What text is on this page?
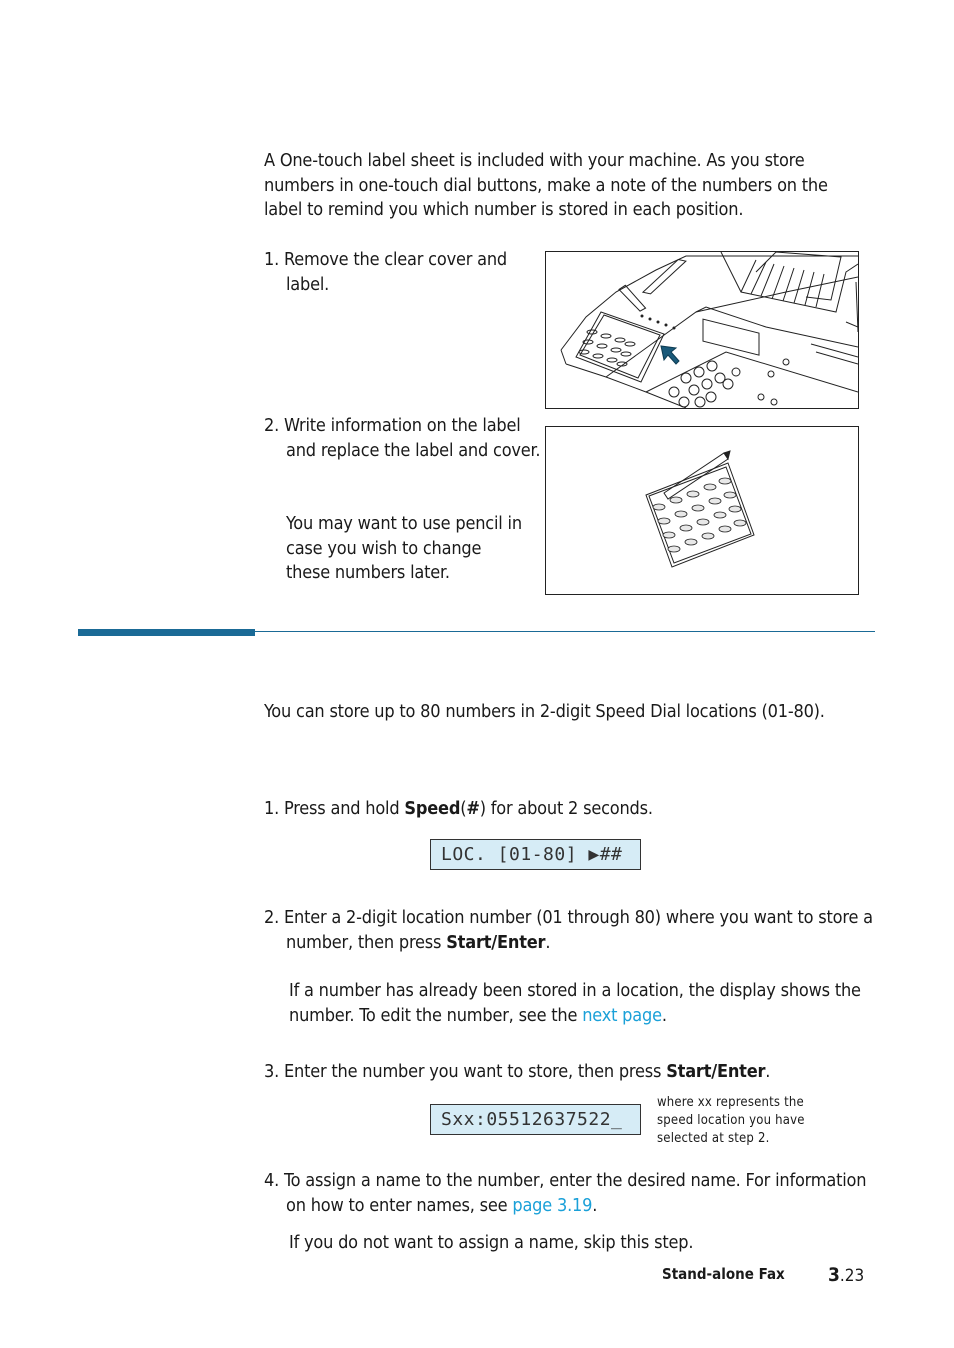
A One-touch label sheet is included with your machine. As you store numbers in one-touch dial buttons, make a note of the numbers on the label to remind you which number is stored in each position.
1. Remove the clear cover and label.
2. Write information on the label and replace the label and cover.
You may want to use pencil in case you wish to change these numbers later.
You can store up to 80 numbers in 2-digit Speed Dial locations (01-80).
1. Press and hold Speed(#) for about 2 seconds.
LOC. [01-80] ▶##
2. Enter a 2-digit location number (01 through 80) where you want to store a number, then press Start/Enter.
If a number has already been stored in a location, the display shows the number. To edit the number, see the next page.
3. Enter the number you want to store, then press Start/Enter.
Sxx:05512637522_
where xx represents the speed location you have selected at step 2.
4. To assign a name to the number, enter the desired name. For information on how to enter names, see page 3.19.
If you do not want to assign a name, skip this step.
Stand-alone Fax 3.23
